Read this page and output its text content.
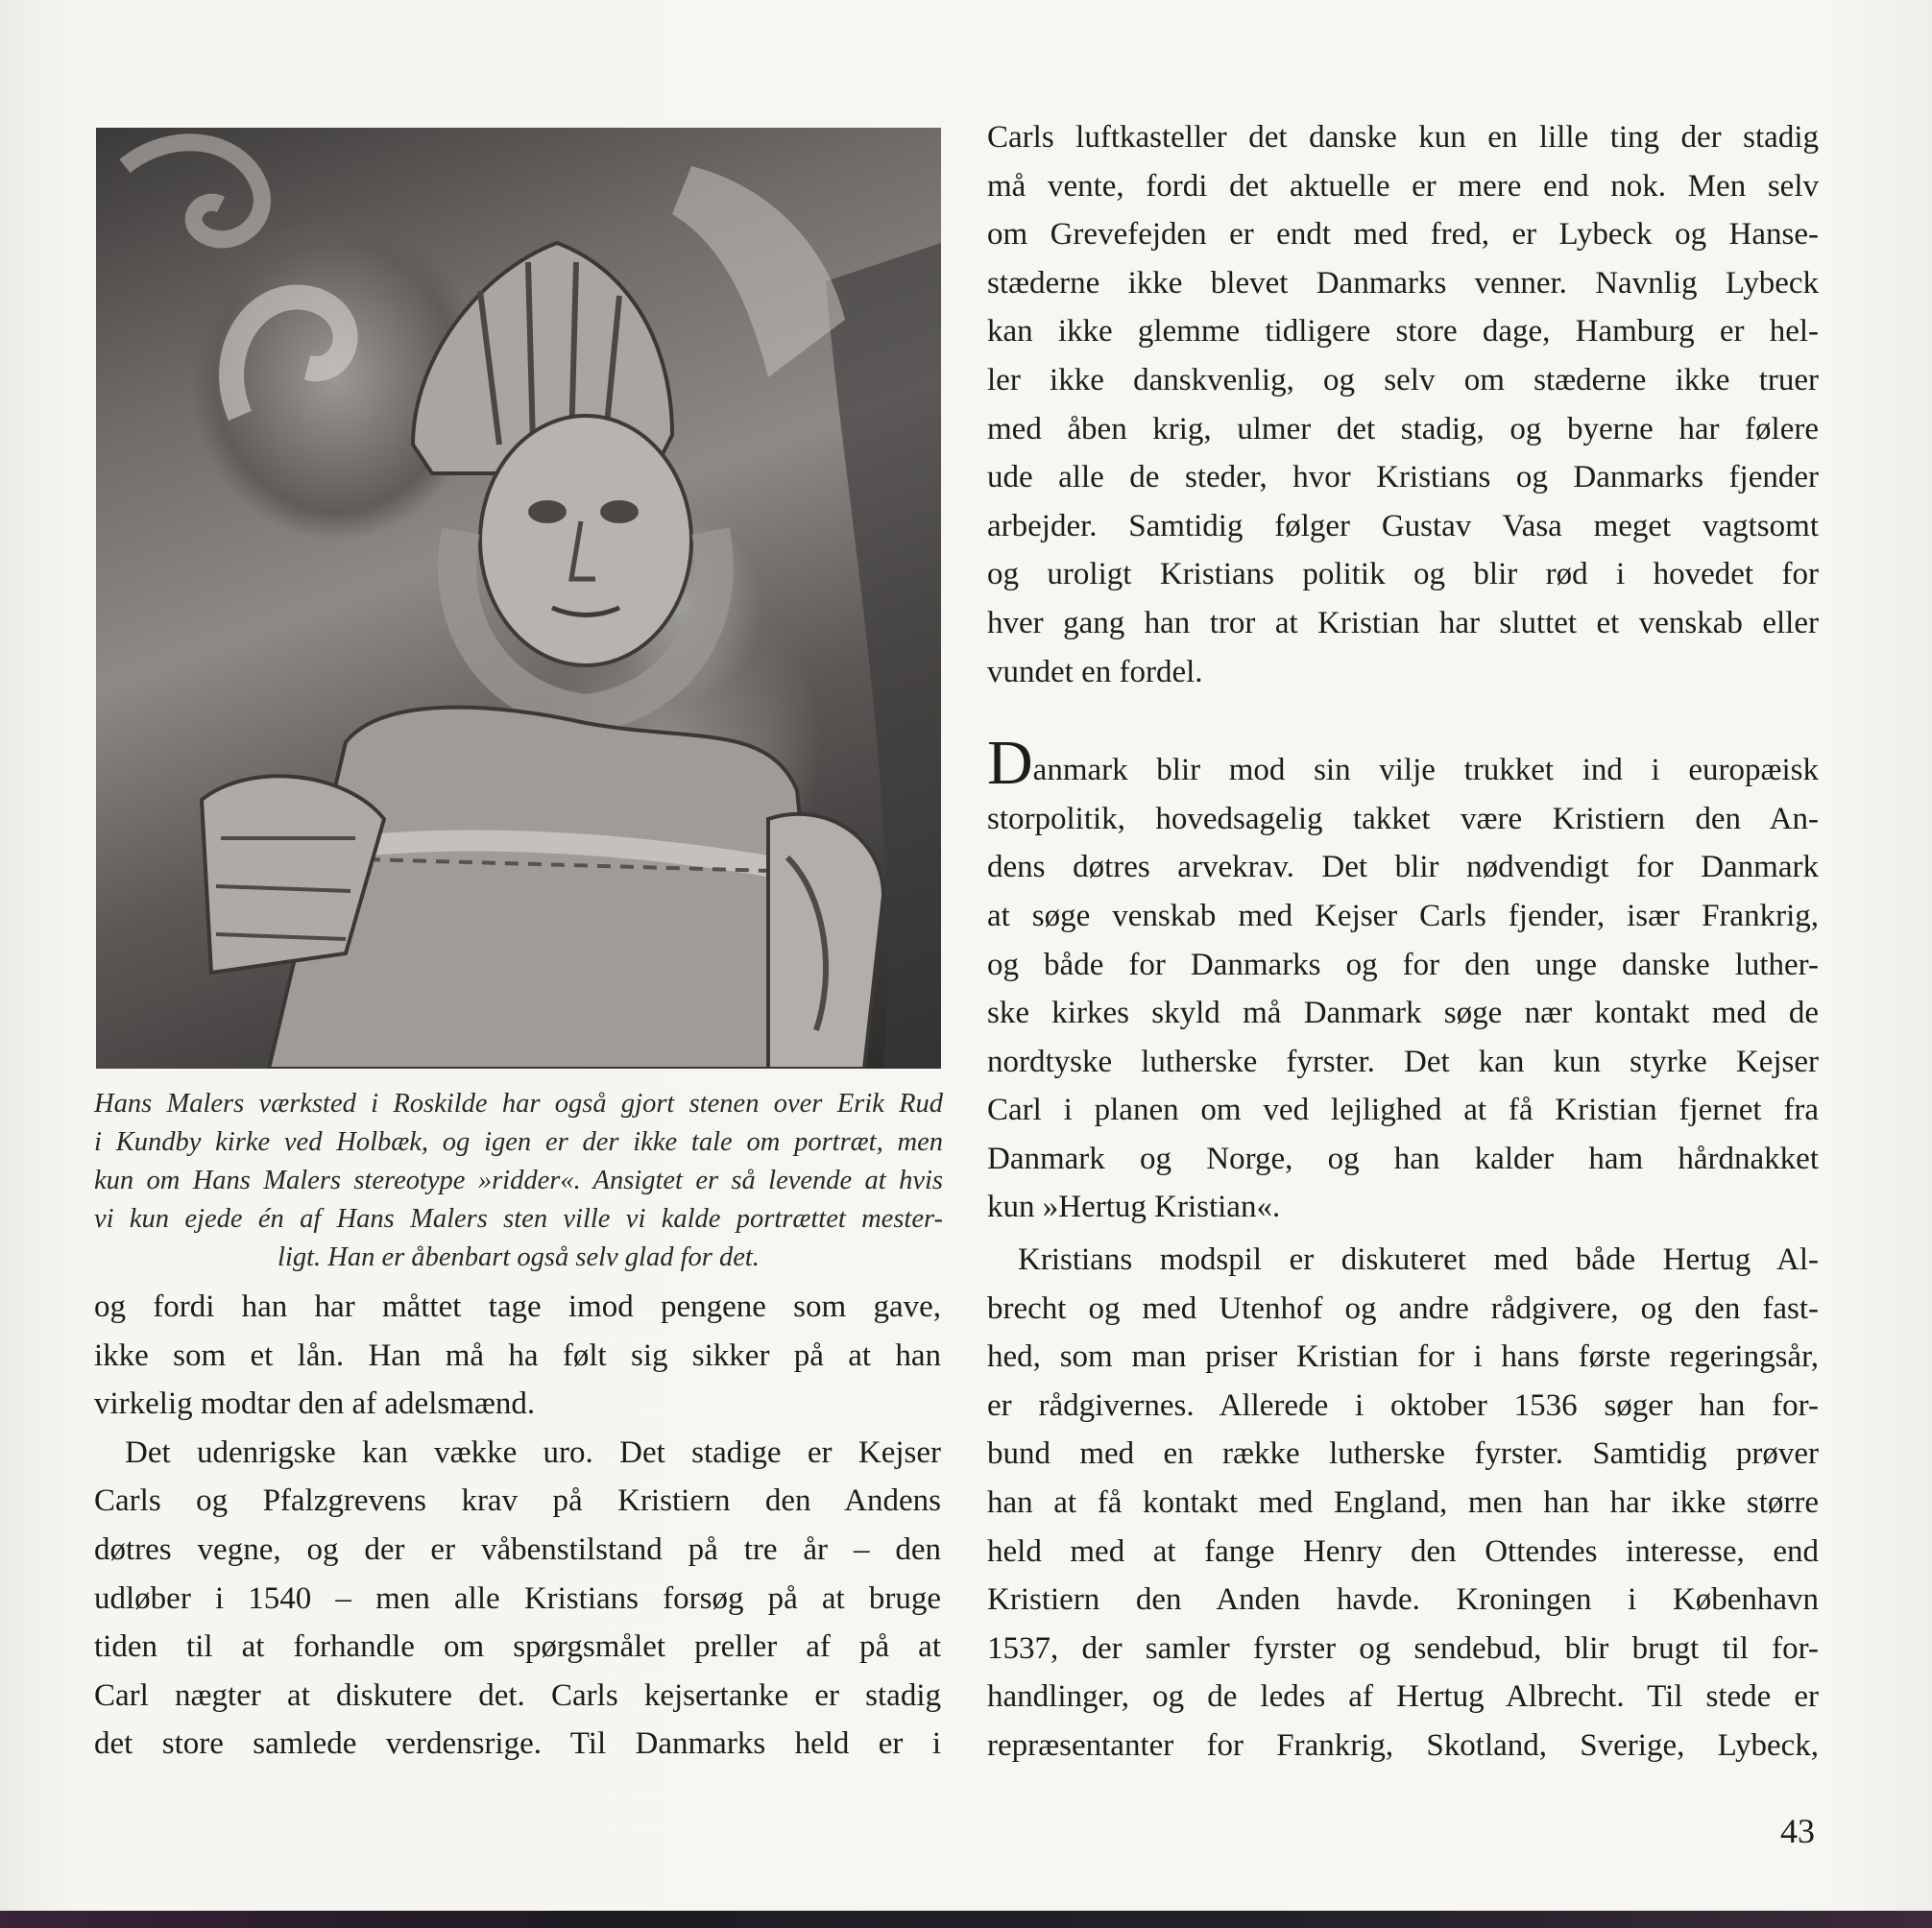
Hans Malers værksted i Roskilde har også gjort stenen over Erik Rud
i Kundby kirke ved Holbæk, og igen er der ikke tale om portræt, men
kun om Hans Malers stereotype »ridder«. Ansigtet er så levende at hvis
vi kun ejede én af Hans Malers sten ville vi kalde portrættet mester-
ligt. Han er åbenbart også selv glad for det.

og fordi han har måttet tage imod pengene som gave,
ikke som et lån. Han må ha følt sig sikker på at han
virkelig modtar den af adelsmænd.

Det udenrigske kan vække uro. Det stadige er Kejser
Carls og Pfalzgrevens krav på Kristiern den Andens
døtres vegne, og der er våbenstilstand på tre år – den
udløber i 1540 – men alle Kristians forsøg på at bruge
tiden til at forhandle om spørgsmålet preller af på at
Carl nægter at diskutere det. Carls kejsertanke er stadig
det store samlede verdensrige. Til Danmarks held er i

Carls luftkasteller det danske kun en lille ting der stadig
må vente, fordi det aktuelle er mere end nok. Men selv
om Grevefejden er endt med fred, er Lybeck og Hanse-
stæderne ikke blevet Danmarks venner. Navnlig Lybeck
kan ikke glemme tidligere store dage, Hamburg er hel-
ler ikke danskvenlig, og selv om stæderne ikke truer
med åben krig, ulmer det stadig, og byerne har følere
ude alle de steder, hvor Kristians og Danmarks fjender
arbejder. Samtidig følger Gustav Vasa meget vagtsomt
og uroligt Kristians politik og blir rød i hovedet for
hver gang han tror at Kristian har sluttet et venskab eller
vundet en fordel.

Danmark blir mod sin vilje trukket ind i europæisk
storpolitik, hovedsagelig takket være Kristiern den An-
dens døtres arvekrav. Det blir nødvendigt for Danmark
at søge venskab med Kejser Carls fjender, især Frankrig,
og både for Danmarks og for den unge danske luther-
ske kirkes skyld må Danmark søge nær kontakt med de
nordtyske lutherske fyrster. Det kan kun styrke Kejser
Carl i planen om ved lejlighed at få Kristian fjernet fra
Danmark og Norge, og han kalder ham hårdnakket
kun »Hertug Kristian«.

Kristians modspil er diskuteret med både Hertug Al-
brecht og med Utenhof og andre rådgivere, og den fast-
hed, som man priser Kristian for i hans første regeringsår,
er rådgivernes. Allerede i oktober 1536 søger han for-
bund med en række lutherske fyrster. Samtidig prøver
han at få kontakt med England, men han har ikke større
held med at fange Henry den Ottendes interesse, end
Kristiern den Anden havde. Kroningen i København
1537, der samler fyrster og sendebud, blir brugt til for-
handlinger, og de ledes af Hertug Albrecht. Til stede er
repræsentanter for Frankrig, Skotland, Sverige, Lybeck,

43
